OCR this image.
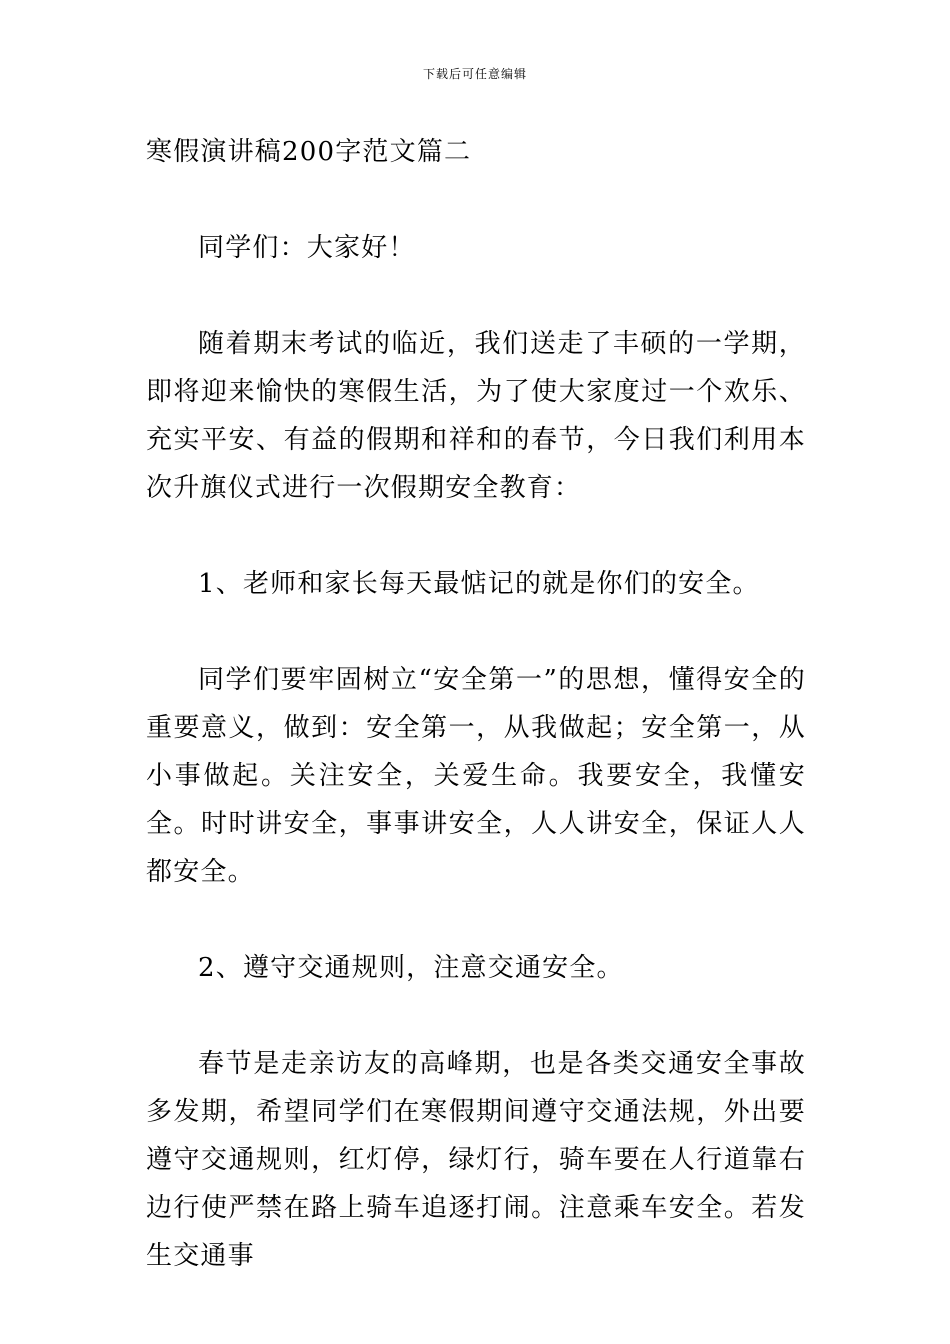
下载后可任意编辑
寒假演讲稿200字范文篇二

同学们：大家好！

随着期末考试的临近，我们送走了丰硕的一学期，即将迎来愉快的寒假生活，为了使大家度过一个欢乐、充实平安、有益的假期和祥和的春节，今日我们利用本次升旗仪式进行一次假期安全教育：

1、老师和家长每天最惦记的就是你们的安全。

同学们要牢固树立“安全第一”的思想，懂得安全的重要意义，做到：安全第一，从我做起；安全第一，从小事做起。关注安全，关爱生命。我要安全，我懂安全。时时讲安全，事事讲安全，人人讲安全，保证人人都安全。

2、遵守交通规则，注意交通安全。

春节是走亲访友的高峰期，也是各类交通安全事故多发期，希望同学们在寒假期间遵守交通法规，外出要遵守交通规则，红灯停，绿灯行，骑车要在人行道靠右边行使严禁在路上骑车追逐打闹。注意乘车安全。若发生交通事
